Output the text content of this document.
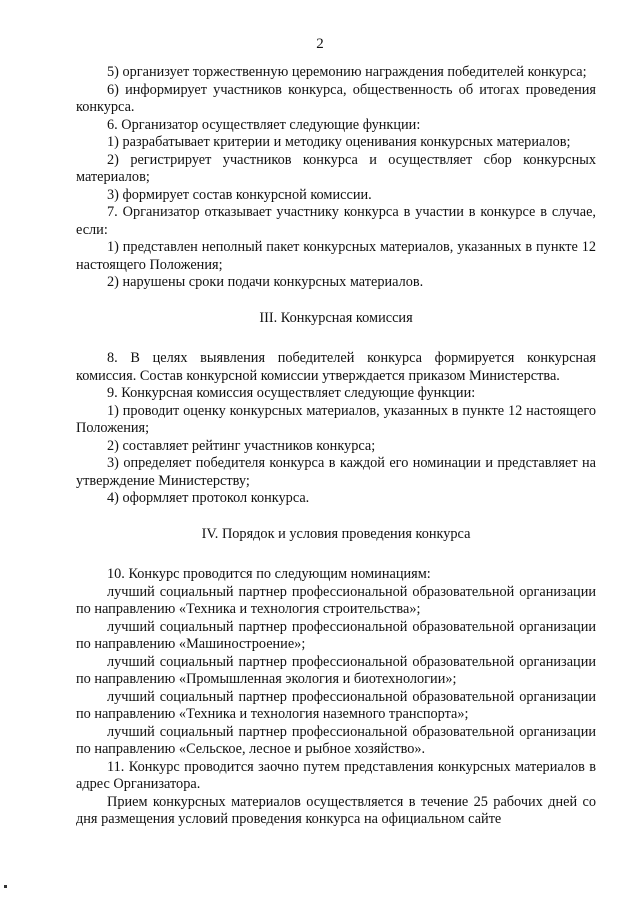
2

5) организует торжественную церемонию награждения победителей конкурса;

6) информирует участников конкурса, общественность об итогах проведения конкурса.

6. Организатор осуществляет следующие функции:

1) разрабатывает критерии и методику оценивания конкурсных материалов;

2) регистрирует участников конкурса и осуществляет сбор конкурсных материалов;

3) формирует состав конкурсной комиссии.

7. Организатор отказывает участнику конкурса в участии в конкурсе в случае, если:

1) представлен неполный пакет конкурсных материалов, указанных в пункте 12 настоящего Положения;

2) нарушены сроки подачи конкурсных материалов.

III. Конкурсная комиссия

8. В целях выявления победителей конкурса формируется конкурсная комиссия. Состав конкурсной комиссии утверждается приказом Министерства.

9. Конкурсная комиссия осуществляет следующие функции:

1) проводит оценку конкурсных материалов, указанных в пункте 12 настоящего Положения;

2) составляет рейтинг участников конкурса;

3) определяет победителя конкурса в каждой его номинации и представляет на утверждение Министерству;

4) оформляет протокол конкурса.

IV. Порядок и условия проведения конкурса

10. Конкурс проводится по следующим номинациям:

лучший социальный партнер профессиональной образовательной организации по направлению «Техника и технология строительства»;

лучший социальный партнер профессиональной образовательной организации по направлению «Машиностроение»;

лучший социальный партнер профессиональной образовательной организации по направлению «Промышленная экология и биотехнологии»;

лучший социальный партнер профессиональной образовательной организации по направлению «Техника и технология наземного транспорта»;

лучший социальный партнер профессиональной образовательной организации по направлению «Сельское, лесное и рыбное хозяйство».

11. Конкурс проводится заочно путем представления конкурсных материалов в адрес Организатора.

Прием конкурсных материалов осуществляется в течение 25 рабочих дней со дня размещения условий проведения конкурса на официальном сайте
